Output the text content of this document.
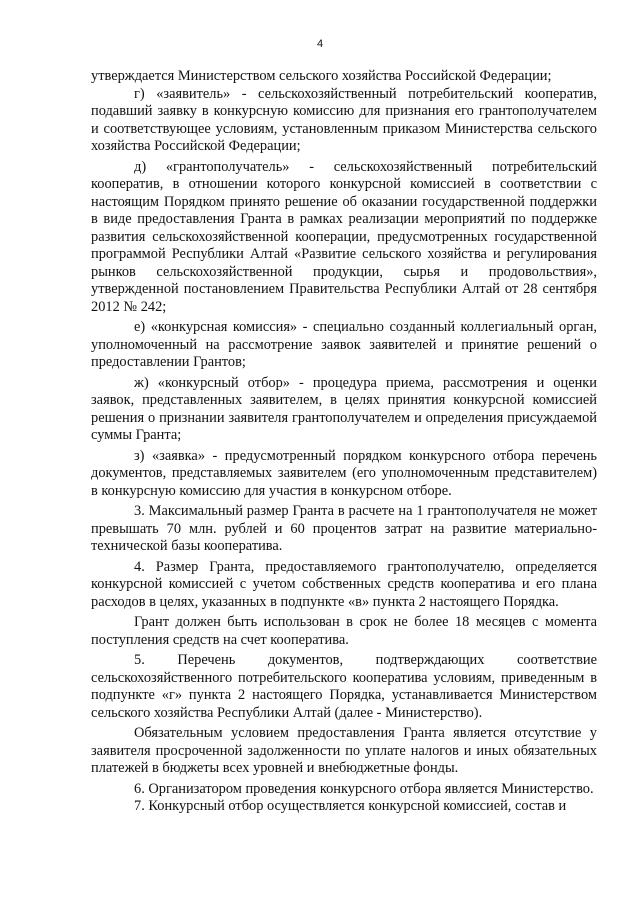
4

утверждается Министерством сельского хозяйства Российской Федерации;

г) «заявитель» - сельскохозяйственный потребительский кооператив, подавший заявку в конкурсную комиссию для признания его грантополучателем и соответствующее условиям, установленным приказом Министерства сельского хозяйства Российской Федерации;

д) «грантополучатель» - сельскохозяйственный потребительский кооператив, в отношении которого конкурсной комиссией в соответствии с настоящим Порядком принято решение об оказании государственной поддержки в виде предоставления Гранта в рамках реализации мероприятий по поддержке развития сельскохозяйственной кооперации, предусмотренных государственной программой Республики Алтай «Развитие сельского хозяйства и регулирования рынков сельскохозяйственной продукции, сырья и продовольствия», утвержденной постановлением Правительства Республики Алтай от 28 сентября 2012 № 242;

е) «конкурсная комиссия» - специально созданный коллегиальный орган, уполномоченный на рассмотрение заявок заявителей и принятие решений о предоставлении Грантов;

ж) «конкурсный отбор» - процедура приема, рассмотрения и оценки заявок, представленных заявителем, в целях принятия конкурсной комиссией решения о признании заявителя грантополучателем и определения присуждаемой суммы Гранта;

з) «заявка» - предусмотренный порядком конкурсного отбора перечень документов, представляемых заявителем (его уполномоченным представителем) в конкурсную комиссию для участия в конкурсном отборе.

3. Максимальный размер Гранта в расчете на 1 грантополучателя не может превышать 70 млн. рублей и 60 процентов затрат на развитие материально-технической базы кооператива.

4. Размер Гранта, предоставляемого грантополучателю, определяется конкурсной комиссией с учетом собственных средств кооператива и его плана расходов в целях, указанных в подпункте «в» пункта 2 настоящего Порядка.

Грант должен быть использован в срок не более 18 месяцев с момента поступления средств на счет кооператива.

5. Перечень документов, подтверждающих соответствие сельскохозяйственного потребительского кооператива условиям, приведенным в подпункте «г» пункта 2 настоящего Порядка, устанавливается Министерством сельского хозяйства Республики Алтай (далее - Министерство).

Обязательным условием предоставления Гранта является отсутствие у заявителя просроченной задолженности по уплате налогов и иных обязательных платежей в бюджеты всех уровней и внебюджетные фонды.

6. Организатором проведения конкурсного отбора является Министерство.

7. Конкурсный отбор осуществляется конкурсной комиссией, состав и
